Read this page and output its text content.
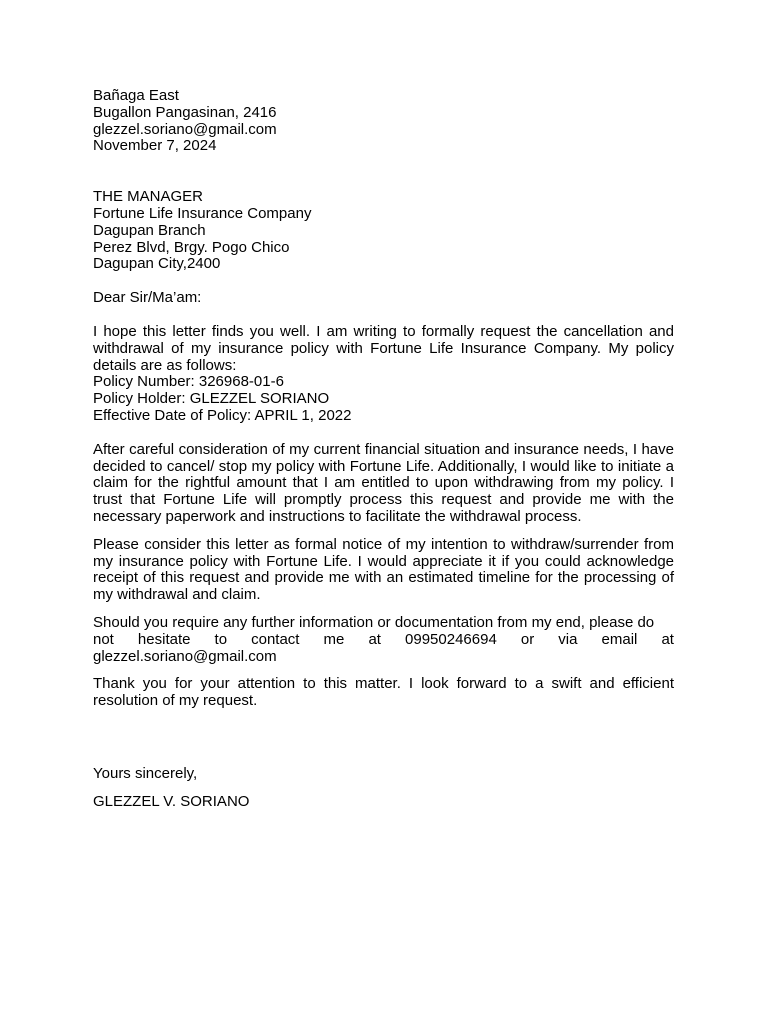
Bañaga East
Bugallon Pangasinan, 2416
glezzel.soriano@gmail.com
November 7, 2024
THE MANAGER
Fortune Life Insurance Company
Dagupan Branch
Perez Blvd, Brgy. Pogo Chico
Dagupan City,2400
Dear Sir/Ma’am:

I hope this letter finds you well. I am writing to formally request the cancellation and withdrawal of my insurance policy with Fortune Life Insurance Company. My policy details are as follows:

Policy Number: 326968-01-6
Policy Holder: GLEZZEL SORIANO
Effective Date of Policy: APRIL 1, 2022

After careful consideration of my current financial situation and insurance needs, I have decided to cancel/ stop my policy with Fortune Life. Additionally, I would like to initiate a claim for the rightful amount that I am entitled to upon withdrawing from my policy. I trust that Fortune Life will promptly process this request and provide me with the necessary paperwork and instructions to facilitate the withdrawal process.

Please consider this letter as formal notice of my intention to withdraw/surrender from my insurance policy with Fortune Life. I would appreciate it if you could acknowledge receipt of this request and provide me with an estimated timeline for the processing of my withdrawal and claim.

Should you require any further information or documentation from my end, please do
not hesitate to contact me at 09950246694 or via email at
glezzel.soriano@gmail.com

Thank you for your attention to this matter. I look forward to a swift and efficient resolution of my request.

Yours sincerely,
GLEZZEL V. SORIANO
